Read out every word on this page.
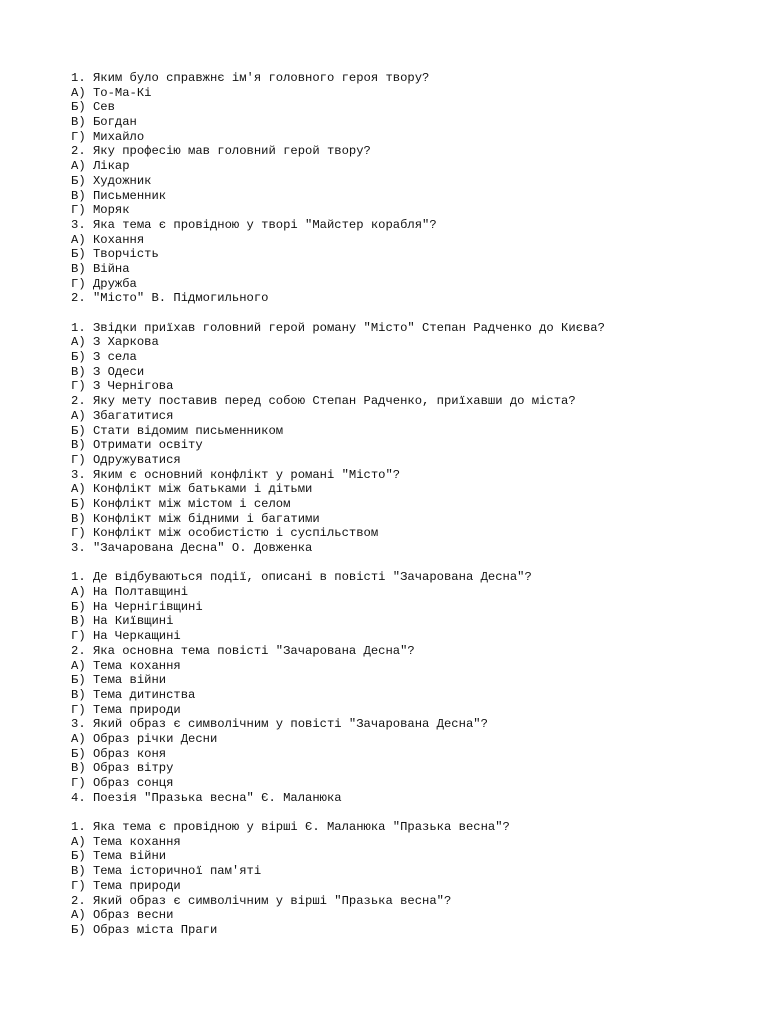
1. Яким було справжнє ім'я головного героя твору?
А) То-Ма-Кі
Б) Сев
В) Богдан
Г) Михайло
2. Яку професію мав головний герой твору?
А) Лікар
Б) Художник
В) Письменник
Г) Моряк
3. Яка тема є провідною у творі "Майстер корабля"?
А) Кохання
Б) Творчість
В) Війна
Г) Дружба
2. "Місто" В. Підмогильного
1. Звідки приїхав головний герой роману "Місто" Степан Радченко до Києва?
А) З Харкова
Б) З села
В) З Одеси
Г) З Чернігова
2. Яку мету поставив перед собою Степан Радченко, приїхавши до міста?
А) Збагатитися
Б) Стати відомим письменником
В) Отримати освіту
Г) Одружуватися
3. Яким є основний конфлікт у романі "Місто"?
А) Конфлікт між батьками і дітьми
Б) Конфлікт між містом і селом
В) Конфлікт між бідними і багатими
Г) Конфлікт між особистістю і суспільством
3. "Зачарована Десна" О. Довженка
1. Де відбуваються події, описані в повісті "Зачарована Десна"?
А) На Полтавщині
Б) На Чернігівщині
В) На Київщині
Г) На Черкащині
2. Яка основна тема повісті "Зачарована Десна"?
А) Тема кохання
Б) Тема війни
В) Тема дитинства
Г) Тема природи
3. Який образ є символічним у повісті "Зачарована Десна"?
А) Образ річки Десни
Б) Образ коня
В) Образ вітру
Г) Образ сонця
4. Поезія "Празька весна" Є. Маланюка
1. Яка тема є провідною у вірші Є. Маланюка "Празька весна"?
А) Тема кохання
Б) Тема війни
В) Тема історичної пам'яті
Г) Тема природи
2. Який образ є символічним у вірші "Празька весна"?
А) Образ весни
Б) Образ міста Праги
